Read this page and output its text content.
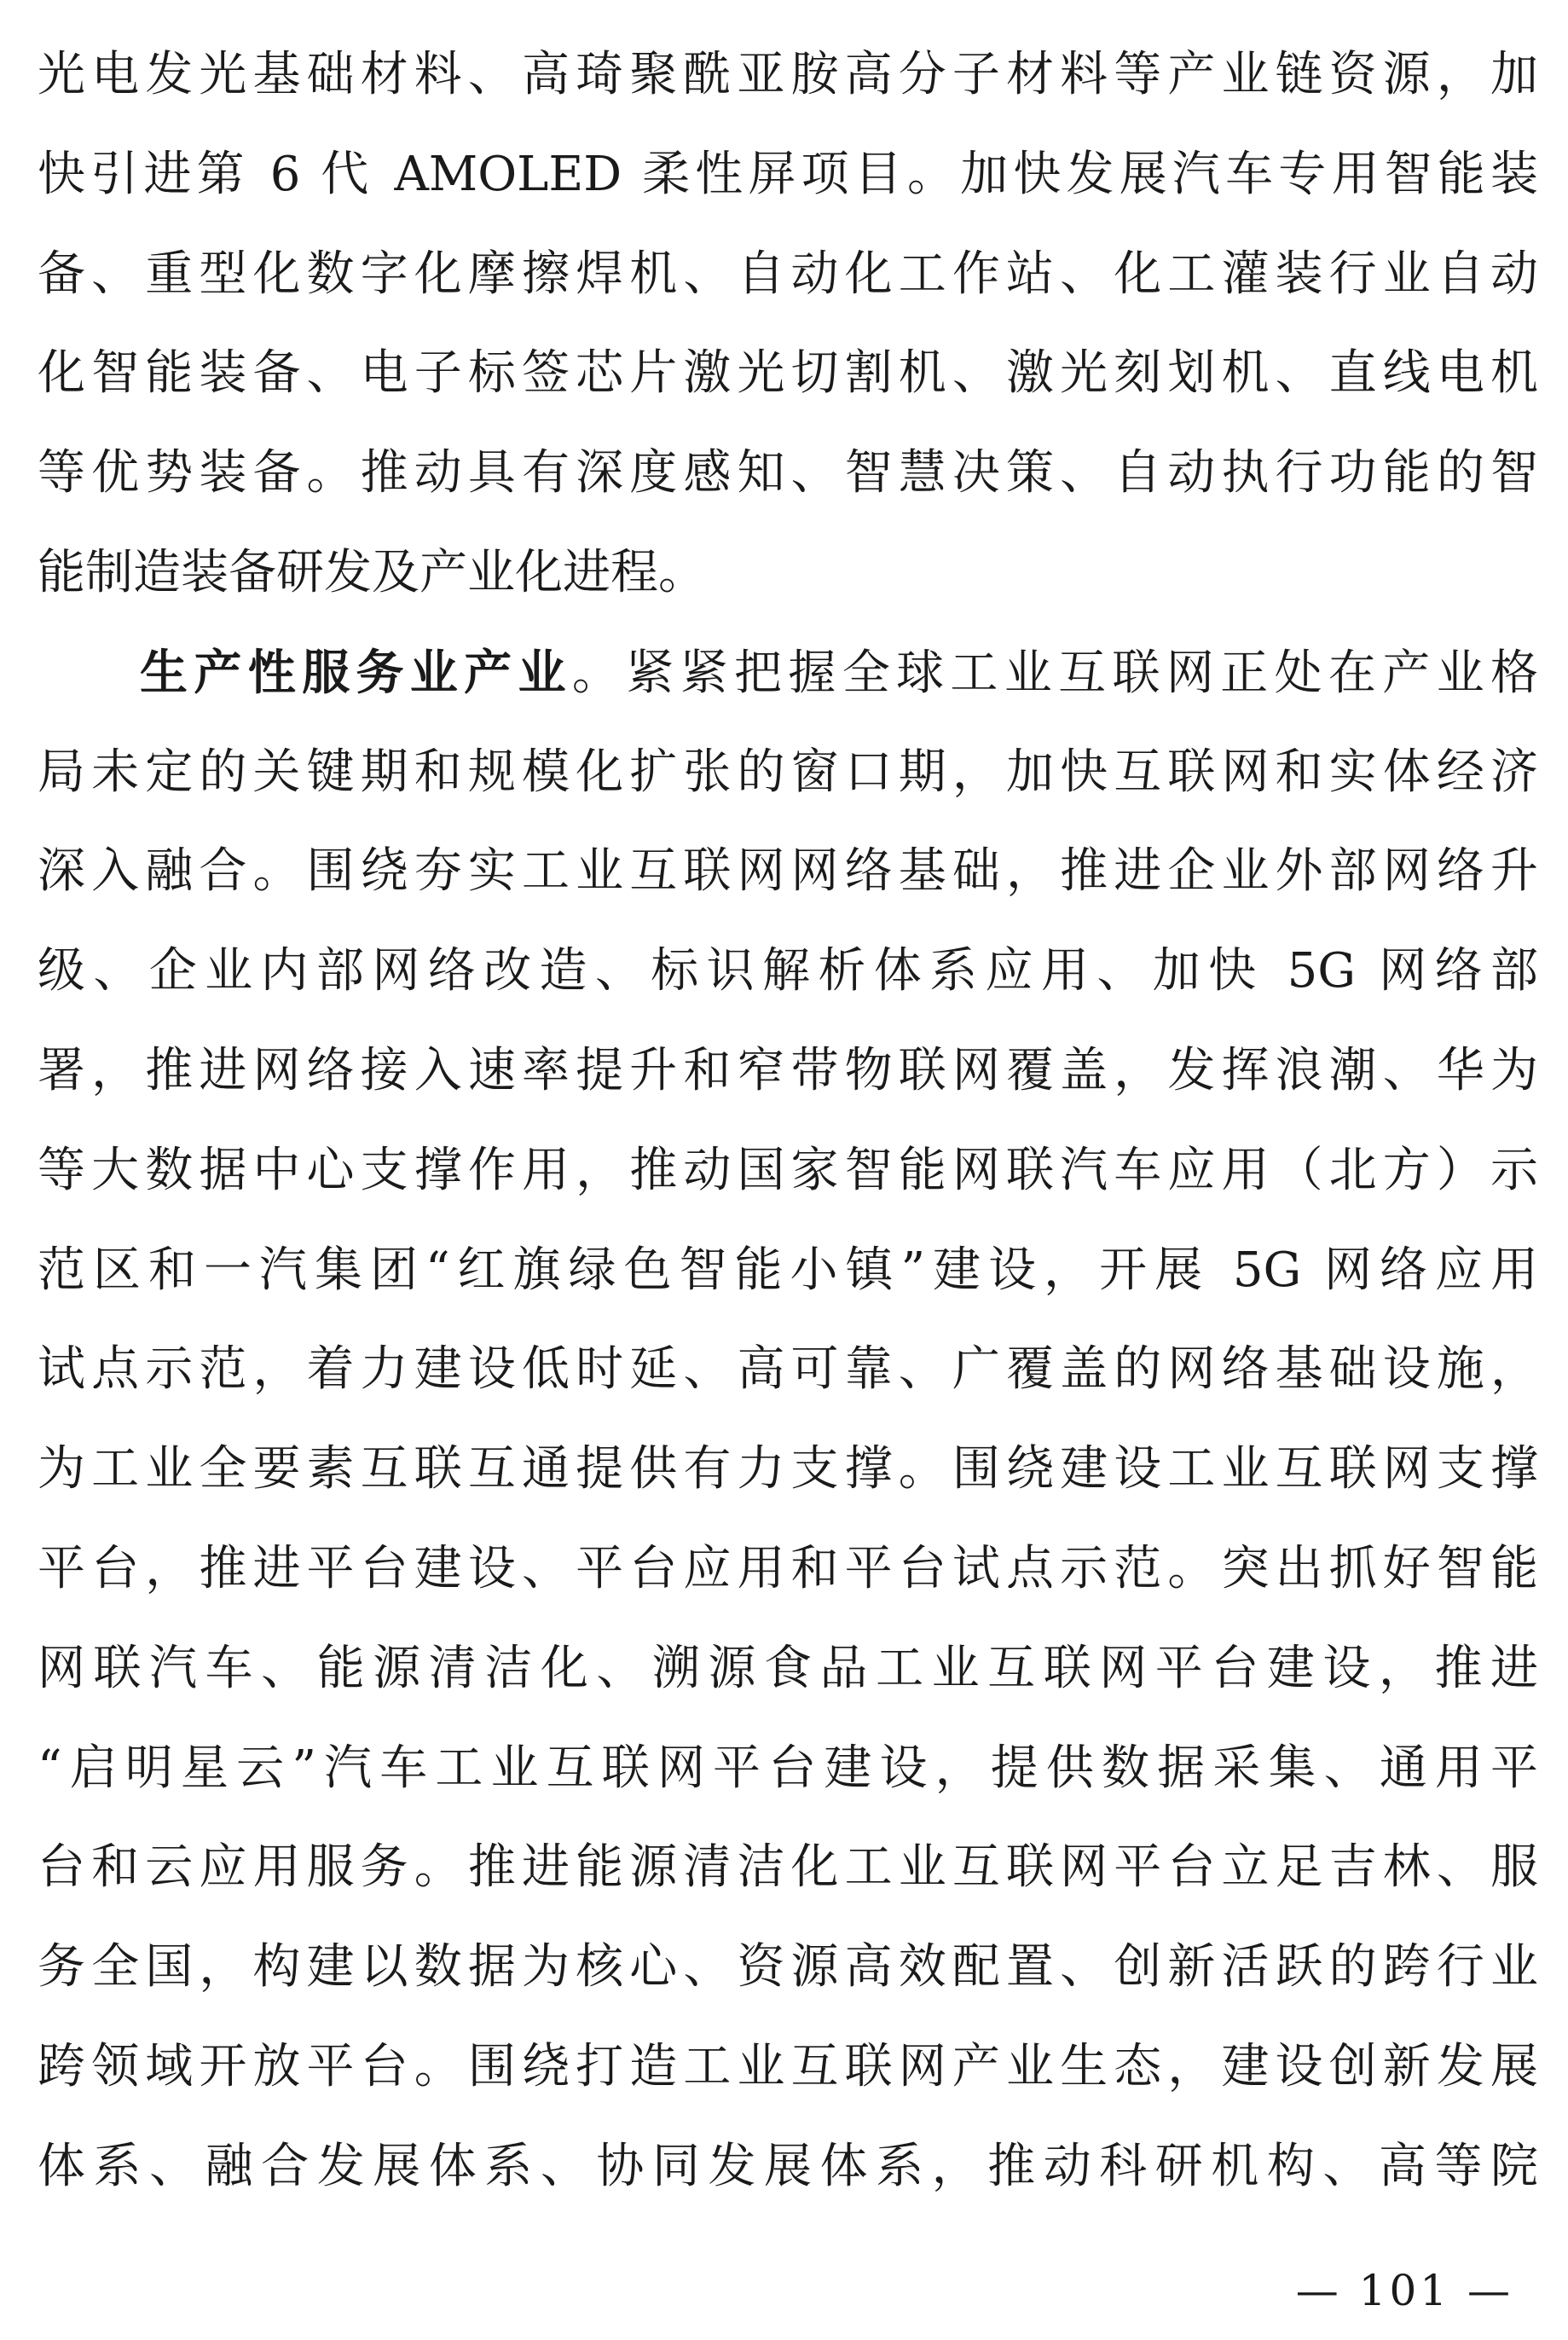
光电发光基础材料、高琦聚酰亚胺高分子材料等产业链资源，加
快引进第 6 代 AMOLED 柔性屏项目。加快发展汽车专用智能装
备、重型化数字化摩擦焊机、自动化工作站、化工灌装行业自动
化智能装备、电子标签芯片激光切割机、激光刻划机、直线电机
等优势装备。推动具有深度感知、智慧决策、自动执行功能的智
能制造装备研发及产业化进程。
生产性服务业产业。紧紧把握全球工业互联网正处在产业格
局未定的关键期和规模化扩张的窗口期，加快互联网和实体经济
深入融合。围绕夯实工业互联网网络基础，推进企业外部网络升
级、企业内部网络改造、标识解析体系应用、加快 5G 网络部
署，推进网络接入速率提升和窄带物联网覆盖，发挥浪潮、华为
等大数据中心支撑作用，推动国家智能网联汽车应用（北方）示
范区和一汽集团“红旗绿色智能小镇”建设，开展 5G 网络应用
试点示范，着力建设低时延、高可靠、广覆盖的网络基础设施，
为工业全要素互联互通提供有力支撑。围绕建设工业互联网支撑
平台，推进平台建设、平台应用和平台试点示范。突出抓好智能
网联汽车、能源清洁化、溯源食品工业互联网平台建设，推进
“启明星云”汽车工业互联网平台建设，提供数据采集、通用平
台和云应用服务。推进能源清洁化工业互联网平台立足吉林、服
务全国，构建以数据为核心、资源高效配置、创新活跃的跨行业
跨领域开放平台。围绕打造工业互联网产业生态，建设创新发展
体系、融合发展体系、协同发展体系，推动科研机构、高等院
— 101 —
